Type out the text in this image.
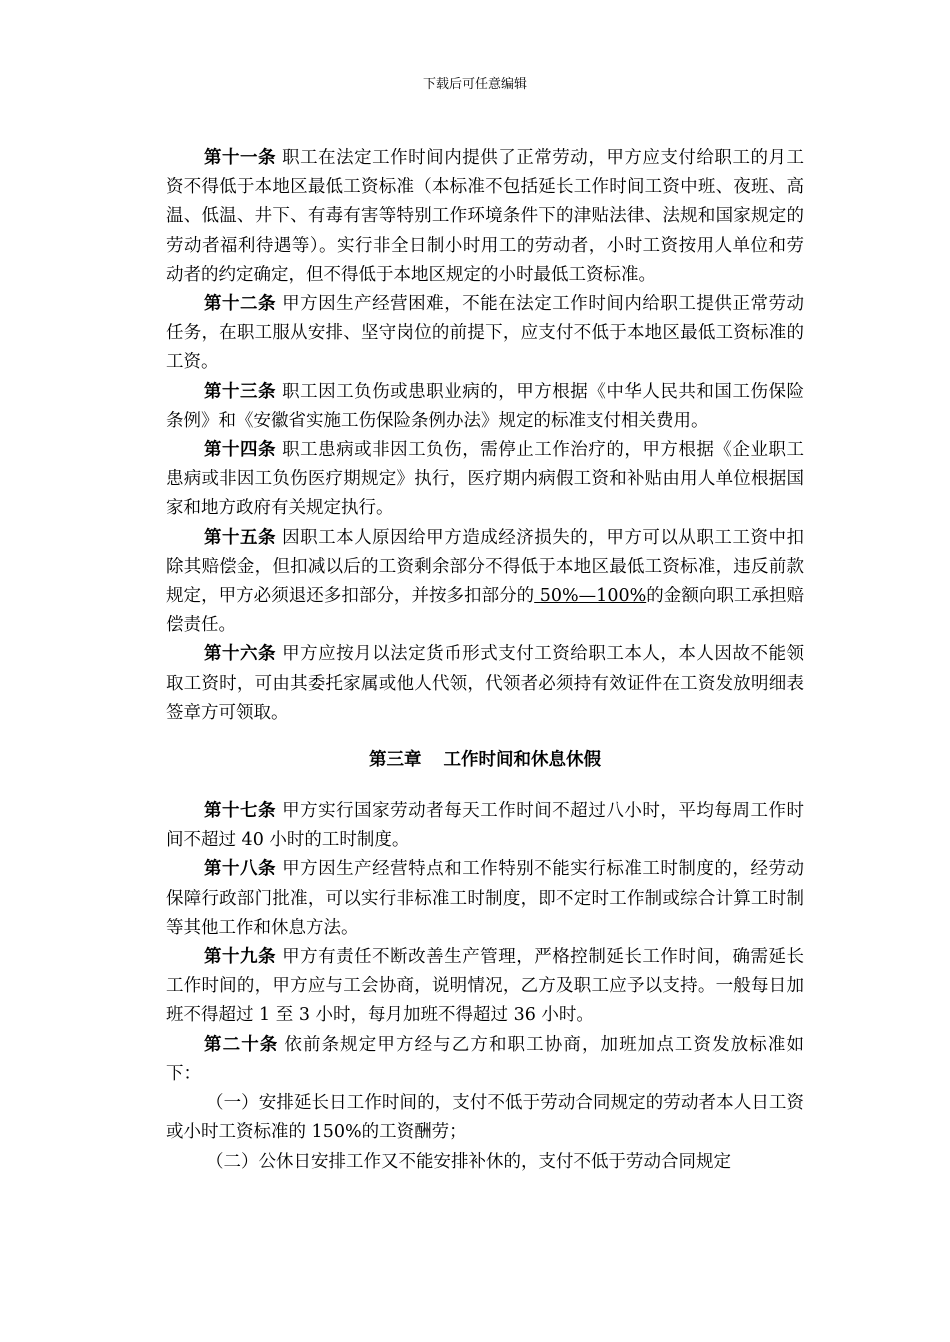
下载后可任意编辑

第十一条 职工在法定工作时间内提供了正常劳动，甲方应支付给职工的月工资不得低于本地区最低工资标准（本标准不包括延长工作时间工资中班、夜班、高温、低温、井下、有毒有害等特别工作环境条件下的津贴法律、法规和国家规定的劳动者福利待遇等）。实行非全日制小时用工的劳动者，小时工资按用人单位和劳动者的约定确定，但不得低于本地区规定的小时最低工资标准。

第十二条 甲方因生产经营困难，不能在法定工作时间内给职工提供正常劳动任务，在职工服从安排、坚守岗位的前提下，应支付不低于本地区最低工资标准的工资。

第十三条 职工因工负伤或患职业病的，甲方根据《中华人民共和国工伤保险条例》和《安徽省实施工伤保险条例办法》规定的标准支付相关费用。

第十四条 职工患病或非因工负伤，需停止工作治疗的，甲方根据《企业职工患病或非因工负伤医疗期规定》执行，医疗期内病假工资和补贴由用人单位根据国家和地方政府有关规定执行。

第十五条 因职工本人原因给甲方造成经济损失的，甲方可以从职工工资中扣除其赔偿金，但扣减以后的工资剩余部分不得低于本地区最低工资标准，违反前款规定，甲方必须退还多扣部分，并按多扣部分的 50%—100%的金额向职工承担赔偿责任。

第十六条 甲方应按月以法定货币形式支付工资给职工本人，本人因故不能领取工资时，可由其委托家属或他人代领，代领者必须持有效证件在工资发放明细表签章方可领取。

第三章 工作时间和休息休假

第十七条 甲方实行国家劳动者每天工作时间不超过八小时，平均每周工作时间不超过 40 小时的工时制度。

第十八条 甲方因生产经营特点和工作特别不能实行标准工时制度的，经劳动保障行政部门批准，可以实行非标准工时制度，即不定时工作制或综合计算工时制等其他工作和休息方法。

第十九条 甲方有责任不断改善生产管理，严格控制延长工作时间，确需延长工作时间的，甲方应与工会协商，说明情况，乙方及职工应予以支持。一般每日加班不得超过 1 至 3 小时，每月加班不得超过 36 小时。

第二十条 依前条规定甲方经与乙方和职工协商，加班加点工资发放标准如下：

（一）安排延长日工作时间的，支付不低于劳动合同规定的劳动者本人日工资或小时工资标准的 150%的工资酬劳；

（二）公休日安排工作又不能安排补休的，支付不低于劳动合同规定
